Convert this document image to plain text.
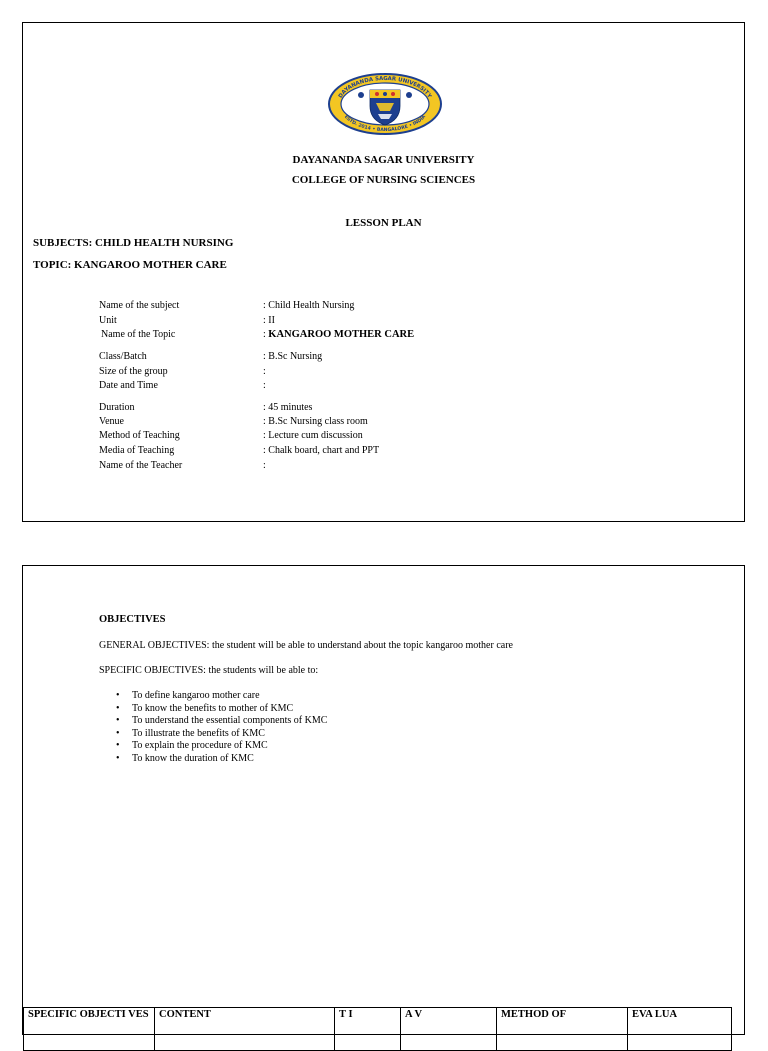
DAYANANDA SAGAR UNIVERSITY
ESTD. 2014 • BANGALORE • INDIA
DAYANANDA SAGAR UNIVERSITY
COLLEGE OF NURSING SCIENCES
LESSON PLAN
SUBJECTS: CHILD HEALTH NURSING
TOPIC: KANGAROO MOTHER CARE
Name of the subject	: Child Health Nursing
Unit	: II
Name of the Topic	: KANGAROO MOTHER CARE
Class/Batch	: B.Sc Nursing
Size of the group	:
Date and Time	:
Duration	: 45 minutes
Venue	: B.Sc Nursing class room
Method of Teaching	: Lecture cum discussion
Media of Teaching	: Chalk board, chart and PPT
Name of the Teacher	:
OBJECTIVES
GENERAL OBJECTIVES: the student will be able to understand about the topic kangaroo mother care
SPECIFIC OBJECTIVES: the students will be able to:
• To define kangaroo mother care
• To know the benefits to mother of KMC
• To understand the essential components of KMC
• To illustrate the benefits of KMC
• To explain the procedure of KMC
• To know the duration of KMC
SPECIFIC OBJECTI VES	CONTENT	T I	A V	METHOD OF	EVA LUA
